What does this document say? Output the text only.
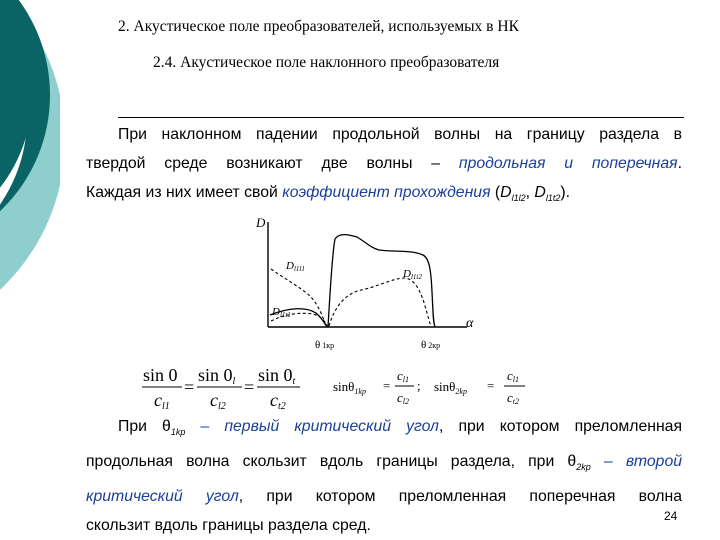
2. Акустическое поле преобразователей, используемых в НК
2.4. Акустическое поле наклонного преобразователя
При наклонном падении продольной волны на границу раздела в
твердой среде возникают две волны – продольная и поперечная.
Каждая из них имеет свой коэффициент прохождения ($D_{l1l2}$, $D_{l1t2}$).
D
α
Dl1l1
Dl1t1
Dl1t2
θ 1кр	θ 2кр
sin 0
cl1
=
sin 0l
cl2
=
sin 0t
ct2
sinθ$_{1kp}$ =
cl1
cl2
; sinθ$_{2kp}$ =
cl1
ct2
При $\theta_{1kp}$ – первый критический угол, при котором преломленная
продольная волна скользит вдоль границы раздела, при $\theta_{2kp}$ – второй
критический угол, при котором преломленная поперечная волна
скользит вдоль границы раздела сред.
24
